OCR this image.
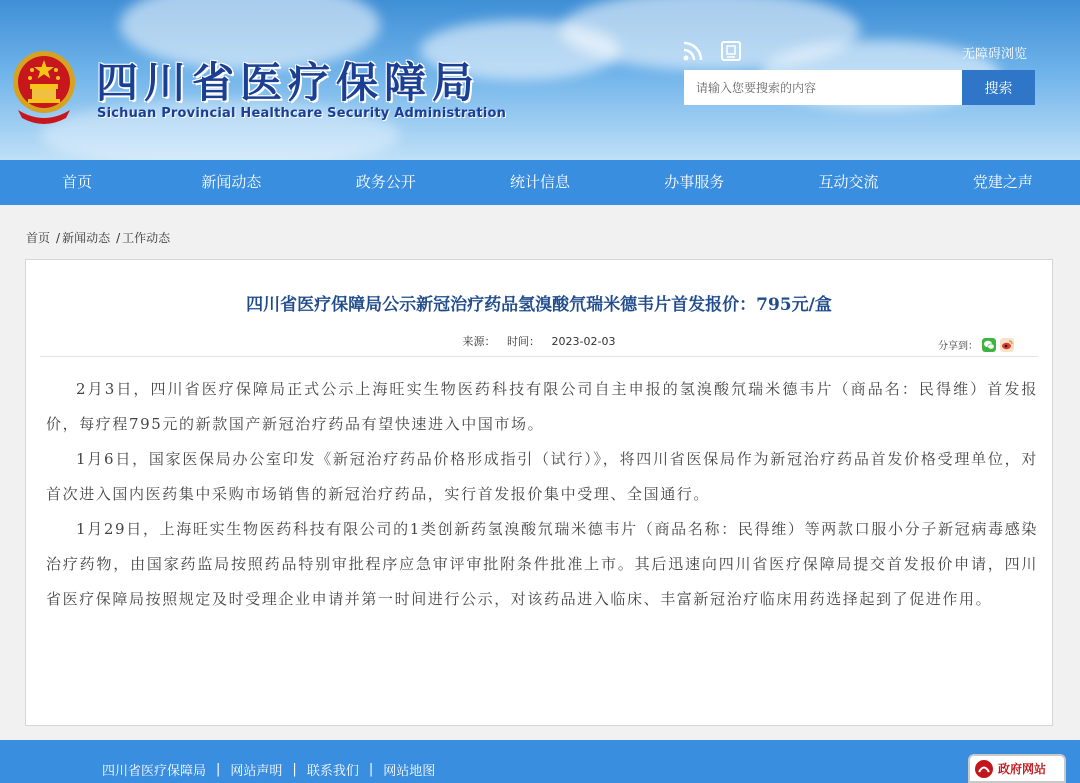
四川省医疗保障局
Sichuan Provincial Healthcare Security Administration
无障碍浏览
请输入您要搜索的内容
搜索
首页	新闻动态	政务公开	统计信息	办事服务	互动交流	党建之声
首页 / 新闻动态 / 工作动态
四川省医疗保障局公示新冠治疗药品氢溴酸氘瑞米德韦片首发报价：795元/盒
来源： 时间： 2023-02-03	分享到：

2月3日，四川省医疗保障局正式公示上海旺实生物医药科技有限公司自主申报的氢溴酸氘瑞米德韦片（商品名：民得维）首发报价，每疗程795元的新款国产新冠治疗药品有望快速进入中国市场。

1月6日，国家医保局办公室印发《新冠治疗药品价格形成指引（试行）》，将四川省医保局作为新冠治疗药品首发价格受理单位，对首次进入国内医药集中采购市场销售的新冠治疗药品，实行首发报价集中受理、全国通行。

1月29日，上海旺实生物医药科技有限公司的1类创新药氢溴酸氘瑞米德韦片（商品名称：民得维）等两款口服小分子新冠病毒感染治疗药物，由国家药监局按照药品特别审批程序应急审评审批附条件批准上市。其后迅速向四川省医疗保障局提交首发报价申请，四川省医疗保障局按照规定及时受理企业申请并第一时间进行公示，对该药品进入临床、丰富新冠治疗临床用药选择起到了促进作用。

四川省医疗保障局 | 网站声明 | 联系我们 | 网站地图	政府网站
